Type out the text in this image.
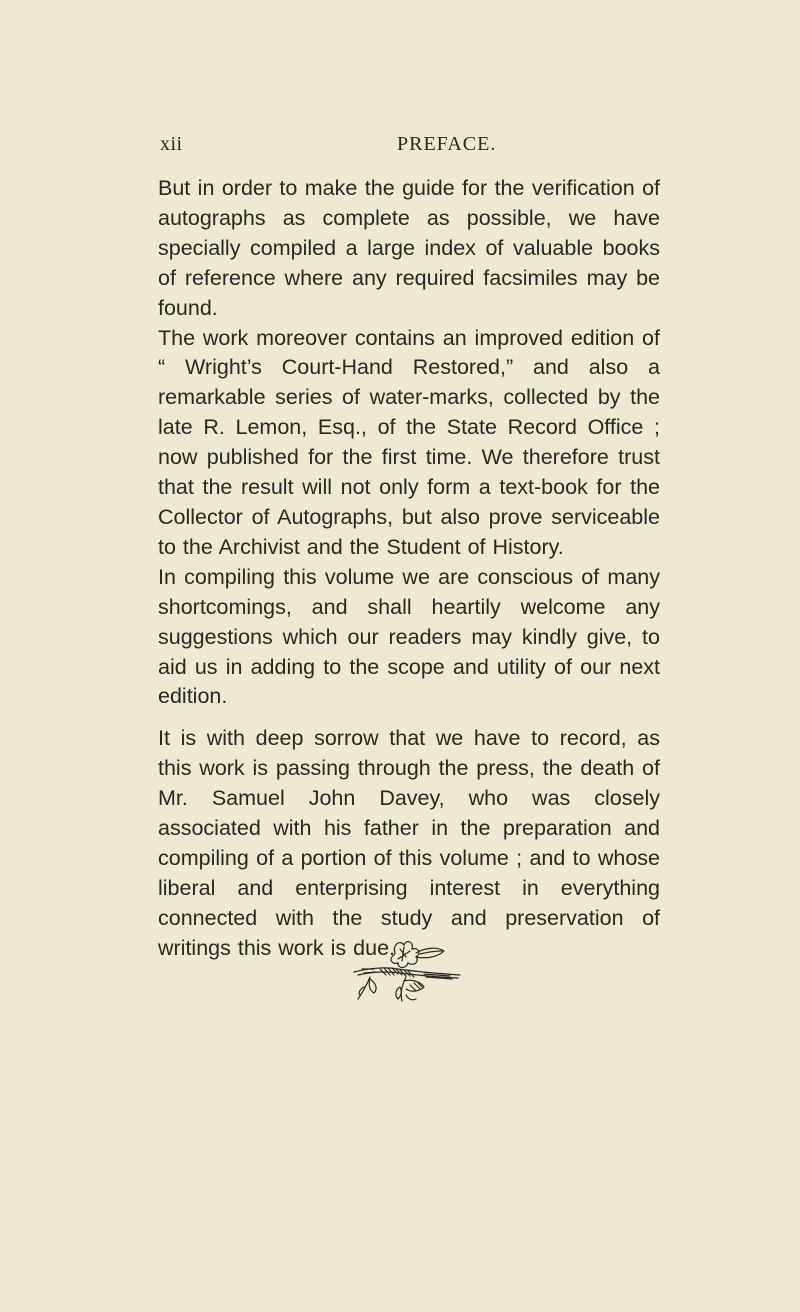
xii	PREFACE.

But in order to make the guide for the verification of autographs as complete as possible, we have specially compiled a large index of valuable books of reference where any required facsimiles may be found.

The work moreover contains an improved edition of “ Wright’s Court-Hand Restored,” and also a remarkable series of water-marks, collected by the late R. Lemon, Esq., of the State Record Office ; now published for the first time. We therefore trust that the result will not only form a text-book for the Collector of Autographs, but also prove serviceable to the Archivist and the Student of History.

In compiling this volume we are conscious of many shortcomings, and shall heartily welcome any suggestions which our readers may kindly give, to aid us in adding to the scope and utility of our next edition.

It is with deep sorrow that we have to record, as this work is passing through the press, the death of Mr. Samuel John Davey, who was closely associated with his father in the preparation and compiling of a portion of this volume ; and to whose liberal and enterprising interest in everything connected with the study and preservation of writings this work is due.
